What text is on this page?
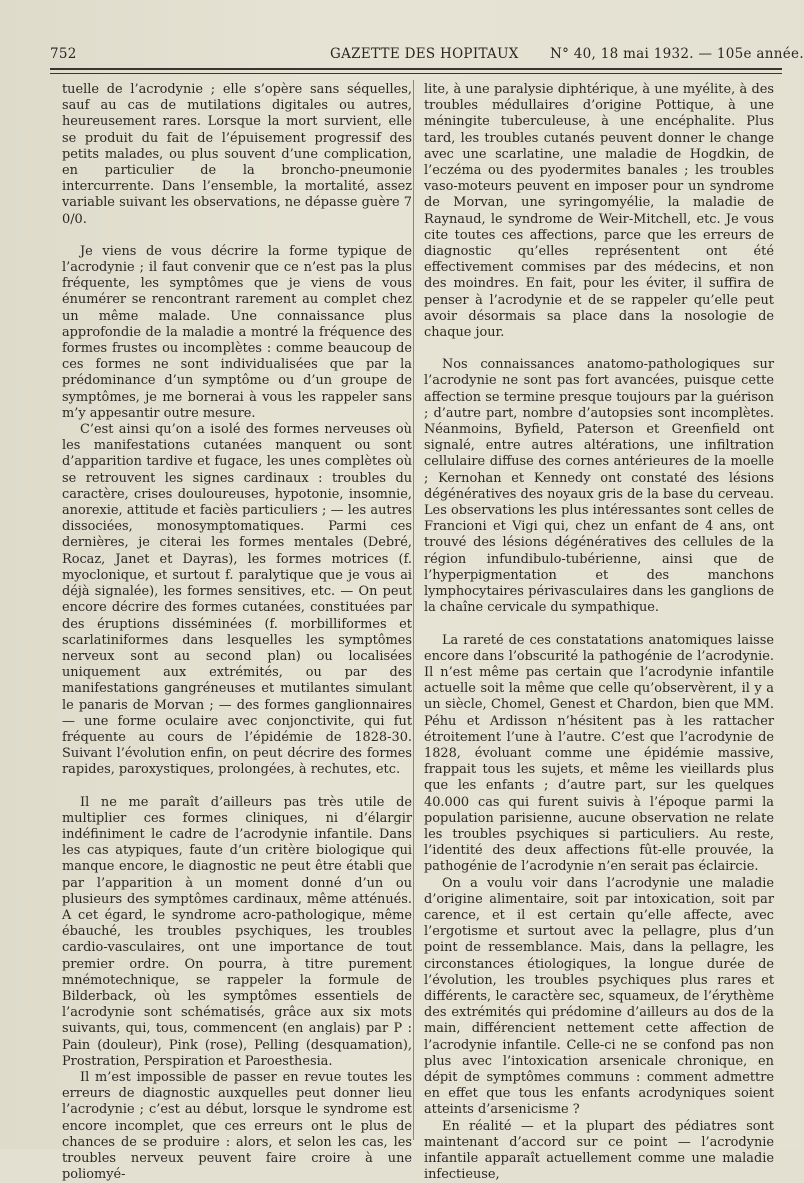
752	GAZETTE DES HOPITAUX N° 40, 18 mai 1932. — 105e année.

tuelle de l’acrodynie ; elle s’opère sans séquelles, sauf au cas de mutilations digitales ou autres, heureusement rares. Lorsque la mort survient, elle se produit du fait de l’épuisement progressif des petits malades, ou plus souvent d’une complication, en particulier de la broncho-pneumonie intercurrente. Dans l’ensemble, la mortalité, assez variable suivant les observations, ne dépasse guère 7 0/0.

Je viens de vous décrire la forme typique de l’acrodynie ; il faut convenir que ce n’est pas la plus fréquente, les symptômes que je viens de vous énumérer se rencontrant rarement au complet chez un même malade. Une connaissance plus approfondie de la maladie a montré la fréquence des formes frustes ou incomplètes : comme beaucoup de ces formes ne sont individualisées que par la prédominance d’un symptôme ou d’un groupe de symptômes, je me bornerai à vous les rappeler sans m’y appesantir outre mesure.

C’est ainsi qu’on a isolé des formes nerveuses où les manifestations cutanées manquent ou sont d’apparition tardive et fugace, les unes complètes où se retrouvent les signes cardinaux : troubles du caractère, crises douloureuses, hypotonie, insomnie, anorexie, attitude et faciès particuliers ; — les autres dissociées, monosymptomatiques. Parmi ces dernières, je citerai les formes mentales (Debré, Rocaz, Janet et Dayras), les formes motrices (f. myoclonique, et surtout f. paralytique que je vous ai déjà signalée), les formes sensitives, etc. — On peut encore décrire des formes cutanées, constituées par des éruptions disséminées (f. morbilliformes et scarlatiniformes dans lesquelles les symptômes nerveux sont au second plan) ou localisées uniquement aux extrémités, ou par des manifestations gangréneuses et mutilantes simulant le panaris de Morvan ; — des formes ganglionnaires — une forme oculaire avec conjonctivite, qui fut fréquente au cours de l’épidémie de 1828-30. Suivant l’évolution enfin, on peut décrire des formes rapides, paroxystiques, prolongées, à rechutes, etc.

Il ne me paraît d’ailleurs pas très utile de multiplier ces formes cliniques, ni d’élargir indéfiniment le cadre de l’acrodynie infantile. Dans les cas atypiques, faute d’un critère biologique qui manque encore, le diagnostic ne peut être établi que par l’apparition à un moment donné d’un ou plusieurs des symptômes cardinaux, même atténués. A cet égard, le syndrome acro-pathologique, même ébauché, les troubles psychiques, les troubles cardio-vasculaires, ont une importance de tout premier ordre. On pourra, à titre purement mnémotechnique, se rappeler la formule de Bilderback, où les symptômes essentiels de l’acrodynie sont schématisés, grâce aux six mots suivants, qui, tous, commencent (en anglais) par P : Pain (douleur), Pink (rose), Pelling (desquamation), Prostration, Perspiration et Paroesthesia.

Il m’est impossible de passer en revue toutes les erreurs de diagnostic auxquelles peut donner lieu l’acrodynie ; c’est au début, lorsque le syndrome est encore incomplet, que ces erreurs ont le plus de chances de se produire : alors, et selon les cas, les troubles nerveux peuvent faire croire à une poliomyé-

lite, à une paralysie diphtérique, à une myélite, à des troubles médullaires d’origine Pottique, à une méningite tuberculeuse, à une encéphalite. Plus tard, les troubles cutanés peuvent donner le change avec une scarlatine, une maladie de Hogdkin, de l’eczéma ou des pyodermites banales ; les troubles vaso-moteurs peuvent en imposer pour un syndrome de Morvan, une syringomyélie, la maladie de Raynaud, le syndrome de Weir-Mitchell, etc. Je vous cite toutes ces affections, parce que les erreurs de diagnostic qu’elles représentent ont été effectivement commises par des médecins, et non des moindres. En fait, pour les éviter, il suffira de penser à l’acrodynie et de se rappeler qu’elle peut avoir désormais sa place dans la nosologie de chaque jour.

Nos connaissances anatomo-pathologiques sur l’acrodynie ne sont pas fort avancées, puisque cette affection se termine presque toujours par la guérison ; d’autre part, nombre d’autopsies sont incomplètes. Néanmoins, Byfield, Paterson et Greenfield ont signalé, entre autres altérations, une infiltration cellulaire diffuse des cornes antérieures de la moelle ; Kernohan et Kennedy ont constaté des lésions dégénératives des noyaux gris de la base du cerveau. Les observations les plus intéressantes sont celles de Francioni et Vigi qui, chez un enfant de 4 ans, ont trouvé des lésions dégénératives des cellules de la région infundibulo-tubérienne, ainsi que de l’hyperpigmentation et des manchons lymphocytaires périvasculaires dans les ganglions de la chaîne cervicale du sympathique.

La rareté de ces constatations anatomiques laisse encore dans l’obscurité la pathogénie de l’acrodynie. Il n’est même pas certain que l’acrodynie infantile actuelle soit la même que celle qu’observèrent, il y a un siècle, Chomel, Genest et Chardon, bien que MM. Péhu et Ardisson n’hésitent pas à les rattacher étroitement l’une à l’autre. C’est que l’acrodynie de 1828, évoluant comme une épidémie massive, frappait tous les sujets, et même les vieillards plus que les enfants ; d’autre part, sur les quelques 40.000 cas qui furent suivis à l’époque parmi la population parisienne, aucune observation ne relate les troubles psychiques si particuliers. Au reste, l’identité des deux affections fût-elle prouvée, la pathogénie de l’acrodynie n’en serait pas éclaircie.

On a voulu voir dans l’acrodynie une maladie d’origine alimentaire, soit par intoxication, soit par carence, et il est certain qu’elle affecte, avec l’ergotisme et surtout avec la pellagre, plus d’un point de ressemblance. Mais, dans la pellagre, les circonstances étiologiques, la longue durée de l’évolution, les troubles psychiques plus rares et différents, le caractère sec, squameux, de l’érythème des extrémités qui prédomine d’ailleurs au dos de la main, différencient nettement cette affection de l’acrodynie infantile. Celle-ci ne se confond pas non plus avec l’intoxication arsenicale chronique, en dépit de symptômes communs : comment admettre en effet que tous les enfants acrodyniques soient atteints d’arsenicisme ?

En réalité — et la plupart des pédiatres sont maintenant d’accord sur ce point — l’acrodynie infantile apparaît actuellement comme une maladie infectieuse,
